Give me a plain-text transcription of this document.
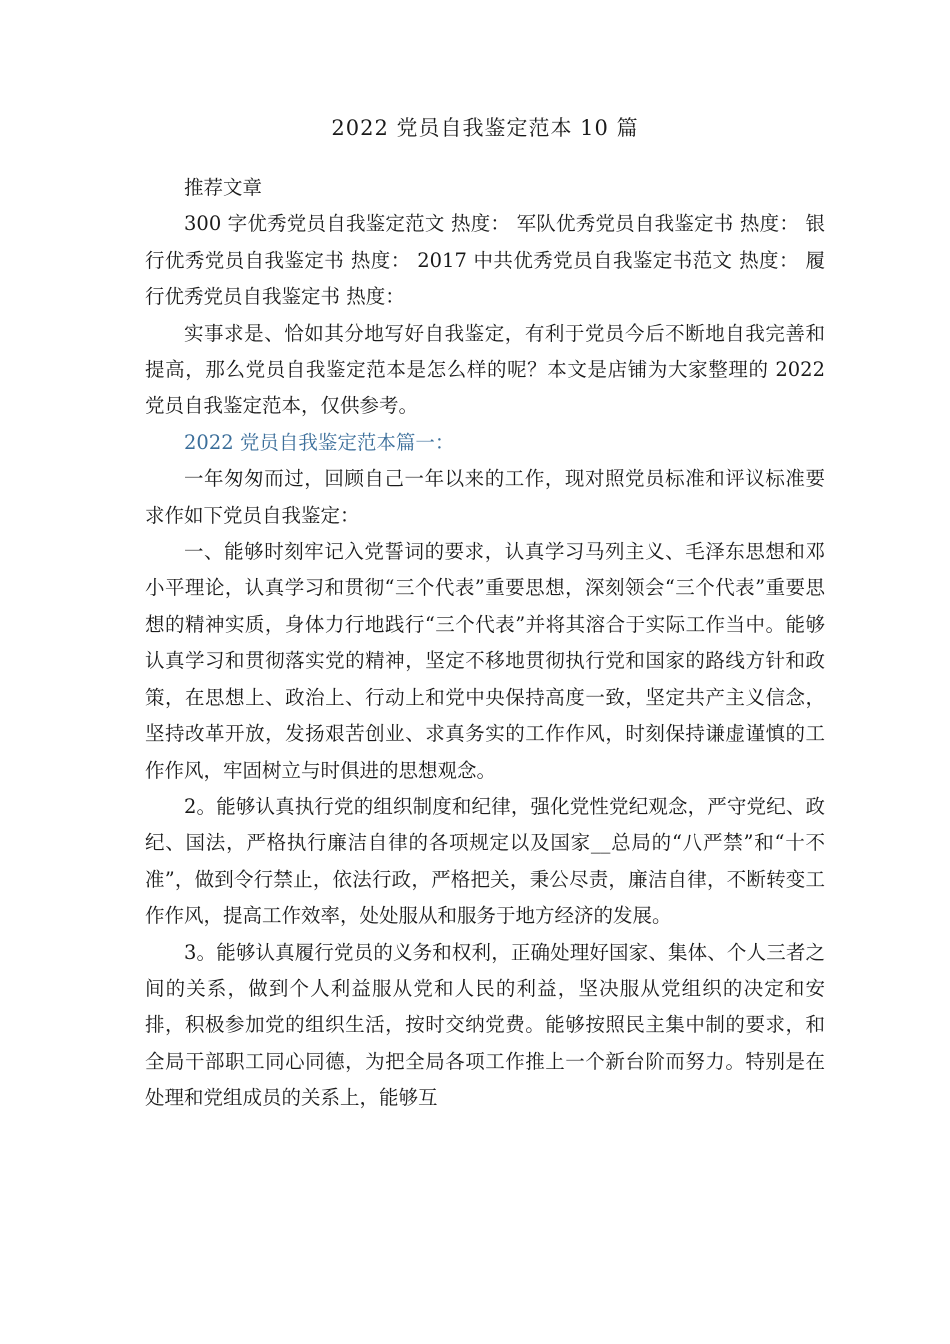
2022 党员自我鉴定范本 10 篇

推荐文章

300 字优秀党员自我鉴定范文 热度： 军队优秀党员自我鉴定书 热度： 银行优秀党员自我鉴定书 热度： 2017 中共优秀党员自我鉴定书范文 热度： 履行优秀党员自我鉴定书 热度：

实事求是、恰如其分地写好自我鉴定，有利于党员今后不断地自我完善和提高，那么党员自我鉴定范本是怎么样的呢？本文是店铺为大家整理的 2022 党员自我鉴定范本，仅供参考。

2022 党员自我鉴定范本篇一：

一年匆匆而过，回顾自己一年以来的工作，现对照党员标准和评议标准要求作如下党员自我鉴定：

一、能够时刻牢记入党誓词的要求，认真学习马列主义、毛泽东思想和邓小平理论，认真学习和贯彻“三个代表”重要思想，深刻领会“三个代表”重要思想的精神实质，身体力行地践行“三个代表”并将其溶合于实际工作当中。能够认真学习和贯彻落实党的精神，坚定不移地贯彻执行党和国家的路线方针和政策，在思想上、政治上、行动上和党中央保持高度一致，坚定共产主义信念，坚持改革开放，发扬艰苦创业、求真务实的工作作风，时刻保持谦虚谨慎的工作作风，牢固树立与时俱进的思想观念。

2。能够认真执行党的组织制度和纪律，强化党性党纪观念，严守党纪、政纪、国法，严格执行廉洁自律的各项规定以及国家__总局的“八严禁”和“十不准”，做到令行禁止，依法行政，严格把关，秉公尽责，廉洁自律，不断转变工作作风，提高工作效率，处处服从和服务于地方经济的发展。

3。能够认真履行党员的义务和权利，正确处理好国家、集体、个人三者之间的关系，做到个人利益服从党和人民的利益，坚决服从党组织的决定和安排，积极参加党的组织生活，按时交纳党费。能够按照民主集中制的要求，和全局干部职工同心同德，为把全局各项工作推上一个新台阶而努力。特别是在处理和党组成员的关系上，能够互
